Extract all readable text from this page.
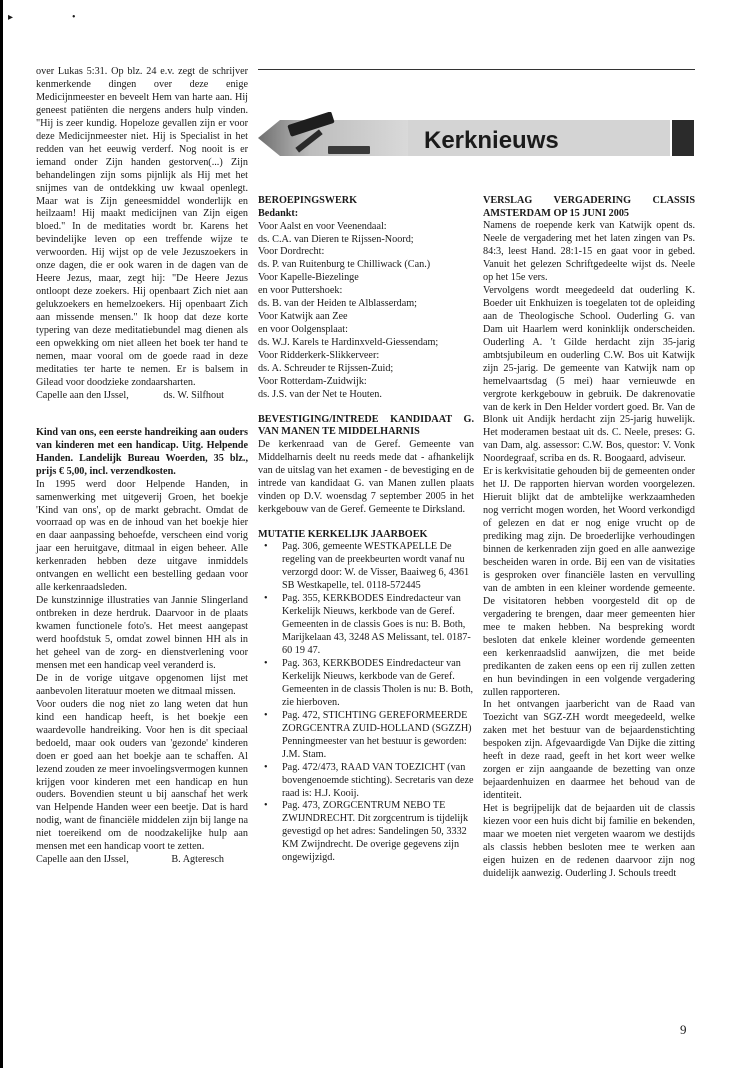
▸	•

over Lukas 5:31. Op blz. 24 e.v. zegt de schrijver kenmerkende dingen over deze enige Medicijnmeester en beveelt Hem van harte aan. Hij geneest patiënten die nergens anders hulp vinden. "Hij is zeer kundig. Hopeloze gevallen zijn er voor deze Medicijnmeester niet. Hij is Specialist in het redden van het eeuwig verderf. Nog nooit is er iemand onder Zijn handen gestorven(...) Zijn behandelingen zijn soms pijnlijk als Hij met het snijmes van de ontdekking uw kwaal openlegt. Maar wat is Zijn geneesmiddel wonderlijk en heilzaam! Hij maakt medicijnen van Zijn eigen bloed." In de meditaties wordt br. Karens het bevindelijke leven op een treffende wijze te verwoorden. Hij wijst op de vele Jezuszoekers in onze dagen, die er ook waren in de dagen van de Heere Jezus, maar, zegt hij: "De Heere Jezus ontloopt deze zoekers. Hij openbaart Zich niet aan gelukzoekers en hemelzoekers. Hij openbaart Zich aan missende mensen." Ik hoop dat deze korte typering van deze meditatiebundel mag dienen als een opwekking om niet alleen het boek ter hand te nemen, maar vooral om de goede raad in deze meditaties ter harte te nemen. Er is balsem in Gilead voor doodzieke zondaarsharten.

Capelle aan den IJssel,	ds. W. Silfhout

Kind van ons, een eerste handreiking aan ouders van kinderen met een handicap. Uitg. Helpende Handen. Landelijk Bureau Woerden, 35 blz., prijs € 5,00, incl. verzendkosten.

In 1995 werd door Helpende Handen, in samenwerking met uitgeverij Groen, het boekje 'Kind van ons', op de markt gebracht. Omdat de voorraad op was en de inhoud van het boekje hier en daar aanpassing behoefde, verscheen eind vorig jaar een heruitgave, ditmaal in eigen beheer. Alle kerkenraden hebben deze uitgave inmiddels ontvangen en wellicht een bestelling gedaan voor alle kerkenraadsleden.

De kunstzinnige illustraties van Jannie Slingerland ontbreken in deze herdruk. Daarvoor in de plaats kwamen functionele foto's. Het meest aangepast werd hoofdstuk 5, omdat zowel binnen HH als in het geheel van de zorg- en dienstverlening voor mensen met een handicap veel veranderd is.

De in de vorige uitgave opgenomen lijst met aanbevolen literatuur moeten we ditmaal missen.

Voor ouders die nog niet zo lang weten dat hun kind een handicap heeft, is het boekje een waardevolle handreiking. Voor hen is dit speciaal bedoeld, maar ook ouders van 'gezonde' kinderen doen er goed aan het boekje aan te schaffen. Al lezend zouden ze meer invoelingsvermogen kunnen krijgen voor kinderen met een handicap en hun ouders. Bovendien steunt u bij aanschaf het werk van Helpende Handen weer een beetje. Dat is hard nodig, want de financiële middelen zijn bij lange na niet toereikend om de noodzakelijke hulp aan mensen met een handicap voort te zetten.

Capelle aan den IJssel,	B. Agteresch
Kerknieuws
BEROEPINGSWERK
Bedankt:
Voor Aalst en voor Veenendaal:
ds. C.A. van Dieren te Rijssen-Noord;
Voor Dordrecht:
ds. P. van Ruitenburg te Chilliwack (Can.)
Voor Kapelle-Biezelinge
en voor Puttershoek:
ds. B. van der Heiden te Alblasserdam;
Voor Katwijk aan Zee
en voor Oolgensplaat:
ds. W.J. Karels te Hardinxveld-Giessendam;
Voor Ridderkerk-Slikkerveer:
ds. A. Schreuder te Rijssen-Zuid;
Voor Rotterdam-Zuidwijk:
ds. J.S. van der Net te Houten.
BEVESTIGING/INTREDE KANDIDAAT G. VAN MANEN TE MIDDELHARNIS

De kerkenraad van de Geref. Gemeente van Middelharnis deelt nu reeds mede dat - afhankelijk van de uitslag van het examen - de bevestiging en de intrede van kandidaat G. van Manen zullen plaats vinden op D.V. woensdag 7 september 2005 in het kerkgebouw van de Geref. Gemeente te Dirksland.

MUTATIE KERKELIJK JAARBOEK
• Pag. 306, gemeente WESTKAPELLE De regeling van de preekbeurten wordt vanaf nu verzorgd door: W. de Visser, Baaiweg 6, 4361 SB Westkapelle, tel. 0118-572445
• Pag. 355, KERKBODES Eindredacteur van Kerkelijk Nieuws, kerkbode van de Geref. Gemeenten in de classis Goes is nu: B. Both, Marijkelaan 43, 3248 AS Melissant, tel. 0187-60 19 47.
• Pag. 363, KERKBODES Eindredacteur van Kerkelijk Nieuws, kerkbode van de Geref. Gemeenten in de classis Tholen is nu: B. Both, zie hierboven.
• Pag. 472, STICHTING GEREFORMEERDE ZORGCENTRA ZUID-HOLLAND (SGZZH) Penningmeester van het bestuur is geworden: J.M. Stam.
• Pag. 472/473, RAAD VAN TOEZICHT (van bovengenoemde stichting). Secretaris van deze raad is: H.J. Kooij.
• Pag. 473, ZORGCENTRUM NEBO TE ZWIJNDRECHT. Dit zorgcentrum is tijdelijk gevestigd op het adres: Sandelingen 50, 3332 KM Zwijndrecht. De overige gegevens zijn ongewijzigd.
VERSLAG VERGADERING CLASSIS AMSTERDAM OP 15 JUNI 2005

Namens de roepende kerk van Katwijk opent ds. Neele de vergadering met het laten zingen van Ps. 84:3, leest Hand. 28:1-15 en gaat voor in gebed. Vanuit het gelezen Schriftgedeelte wijst ds. Neele op het 15e vers.

Vervolgens wordt meegedeeld dat ouderling K. Boeder uit Enkhuizen is toegelaten tot de opleiding aan de Theologische School. Ouderling G. van Dam uit Haarlem werd koninklijk onderscheiden. Ouderling A. 't Gilde herdacht zijn 35-jarig ambtsjubileum en ouderling C.W. Bos uit Katwijk zijn 25-jarig. De gemeente van Katwijk nam op hemelvaartsdag (5 mei) haar vernieuwde en vergrote kerkgebouw in gebruik. De dakrenovatie van de kerk in Den Helder vordert goed. Br. Van de Blonk uit Andijk herdacht zijn 25-jarig huwelijk. Het moderamen bestaat uit ds. C. Neele, preses: G. van Dam, alg. assessor: C.W. Bos, questor: V. Vonk Noordegraaf, scriba en ds. R. Boogaard, adviseur.

Er is kerkvisitatie gehouden bij de gemeenten onder het IJ. De rapporten hiervan worden voorgelezen. Hieruit blijkt dat de ambtelijke werkzaamheden nog verricht mogen worden, het Woord verkondigd of gelezen en dat er nog enige vrucht op de prediking mag zijn. De broederlijke verhoudingen binnen de kerkenraden zijn goed en alle aanwezige bescheiden waren in orde. Bij een van de visitaties is gesproken over financiële lasten en vervulling van de ambten in een kleiner wordende gemeente. De visitatoren hebben voorgesteld dit op de vergadering te brengen, daar meer gemeenten hier mee te maken hebben. Na bespreking wordt besloten dat enkele kleiner wordende gemeenten een kerkenraadslid aanwijzen, die met beide predikanten de zaken eens op een rij zullen zetten en hun bevindingen in een volgende vergadering zullen rapporteren.

In het ontvangen jaarbericht van de Raad van Toezicht van SGZ-ZH wordt meegedeeld, welke zaken met het bestuur van de bejaardenstichting bespoken zijn. Afgevaardigde Van Dijke die zitting heeft in deze raad, geeft in het kort weer welke zorgen er zijn aangaande de bezetting van onze bejaardenhuizen en daarmee het behoud van de identiteit.

Het is begrijpelijk dat de bejaarden uit de classis kiezen voor een huis dicht bij familie en bekenden, maar we moeten niet vergeten waarom we destijds als classis hebben besloten mee te werken aan eigen huizen en de redenen daarvoor zijn nog duidelijk aanwezig. Ouderling J. Schouls treedt

9
